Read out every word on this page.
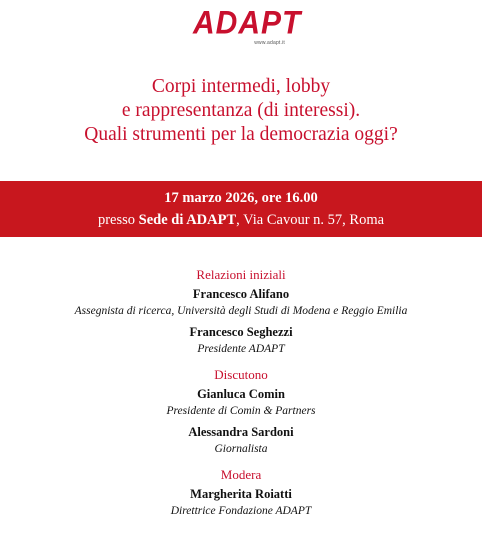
ADAPT
www.adapt.it
Corpi intermedi, lobby
e rappresentanza (di interessi).
Quali strumenti per la democrazia oggi?
17 marzo 2026, ore 16.00
presso Sede di ADAPT, Via Cavour n. 57, Roma
Relazioni iniziali
Francesco Alifano
Assegnista di ricerca, Università degli Studi di Modena e Reggio Emilia
Francesco Seghezzi
Presidente ADAPT
Discutono
Gianluca Comin
Presidente di Comin & Partners
Alessandra Sardoni
Giornalista
Modera
Margherita Roiatti
Direttrice Fondazione ADAPT
